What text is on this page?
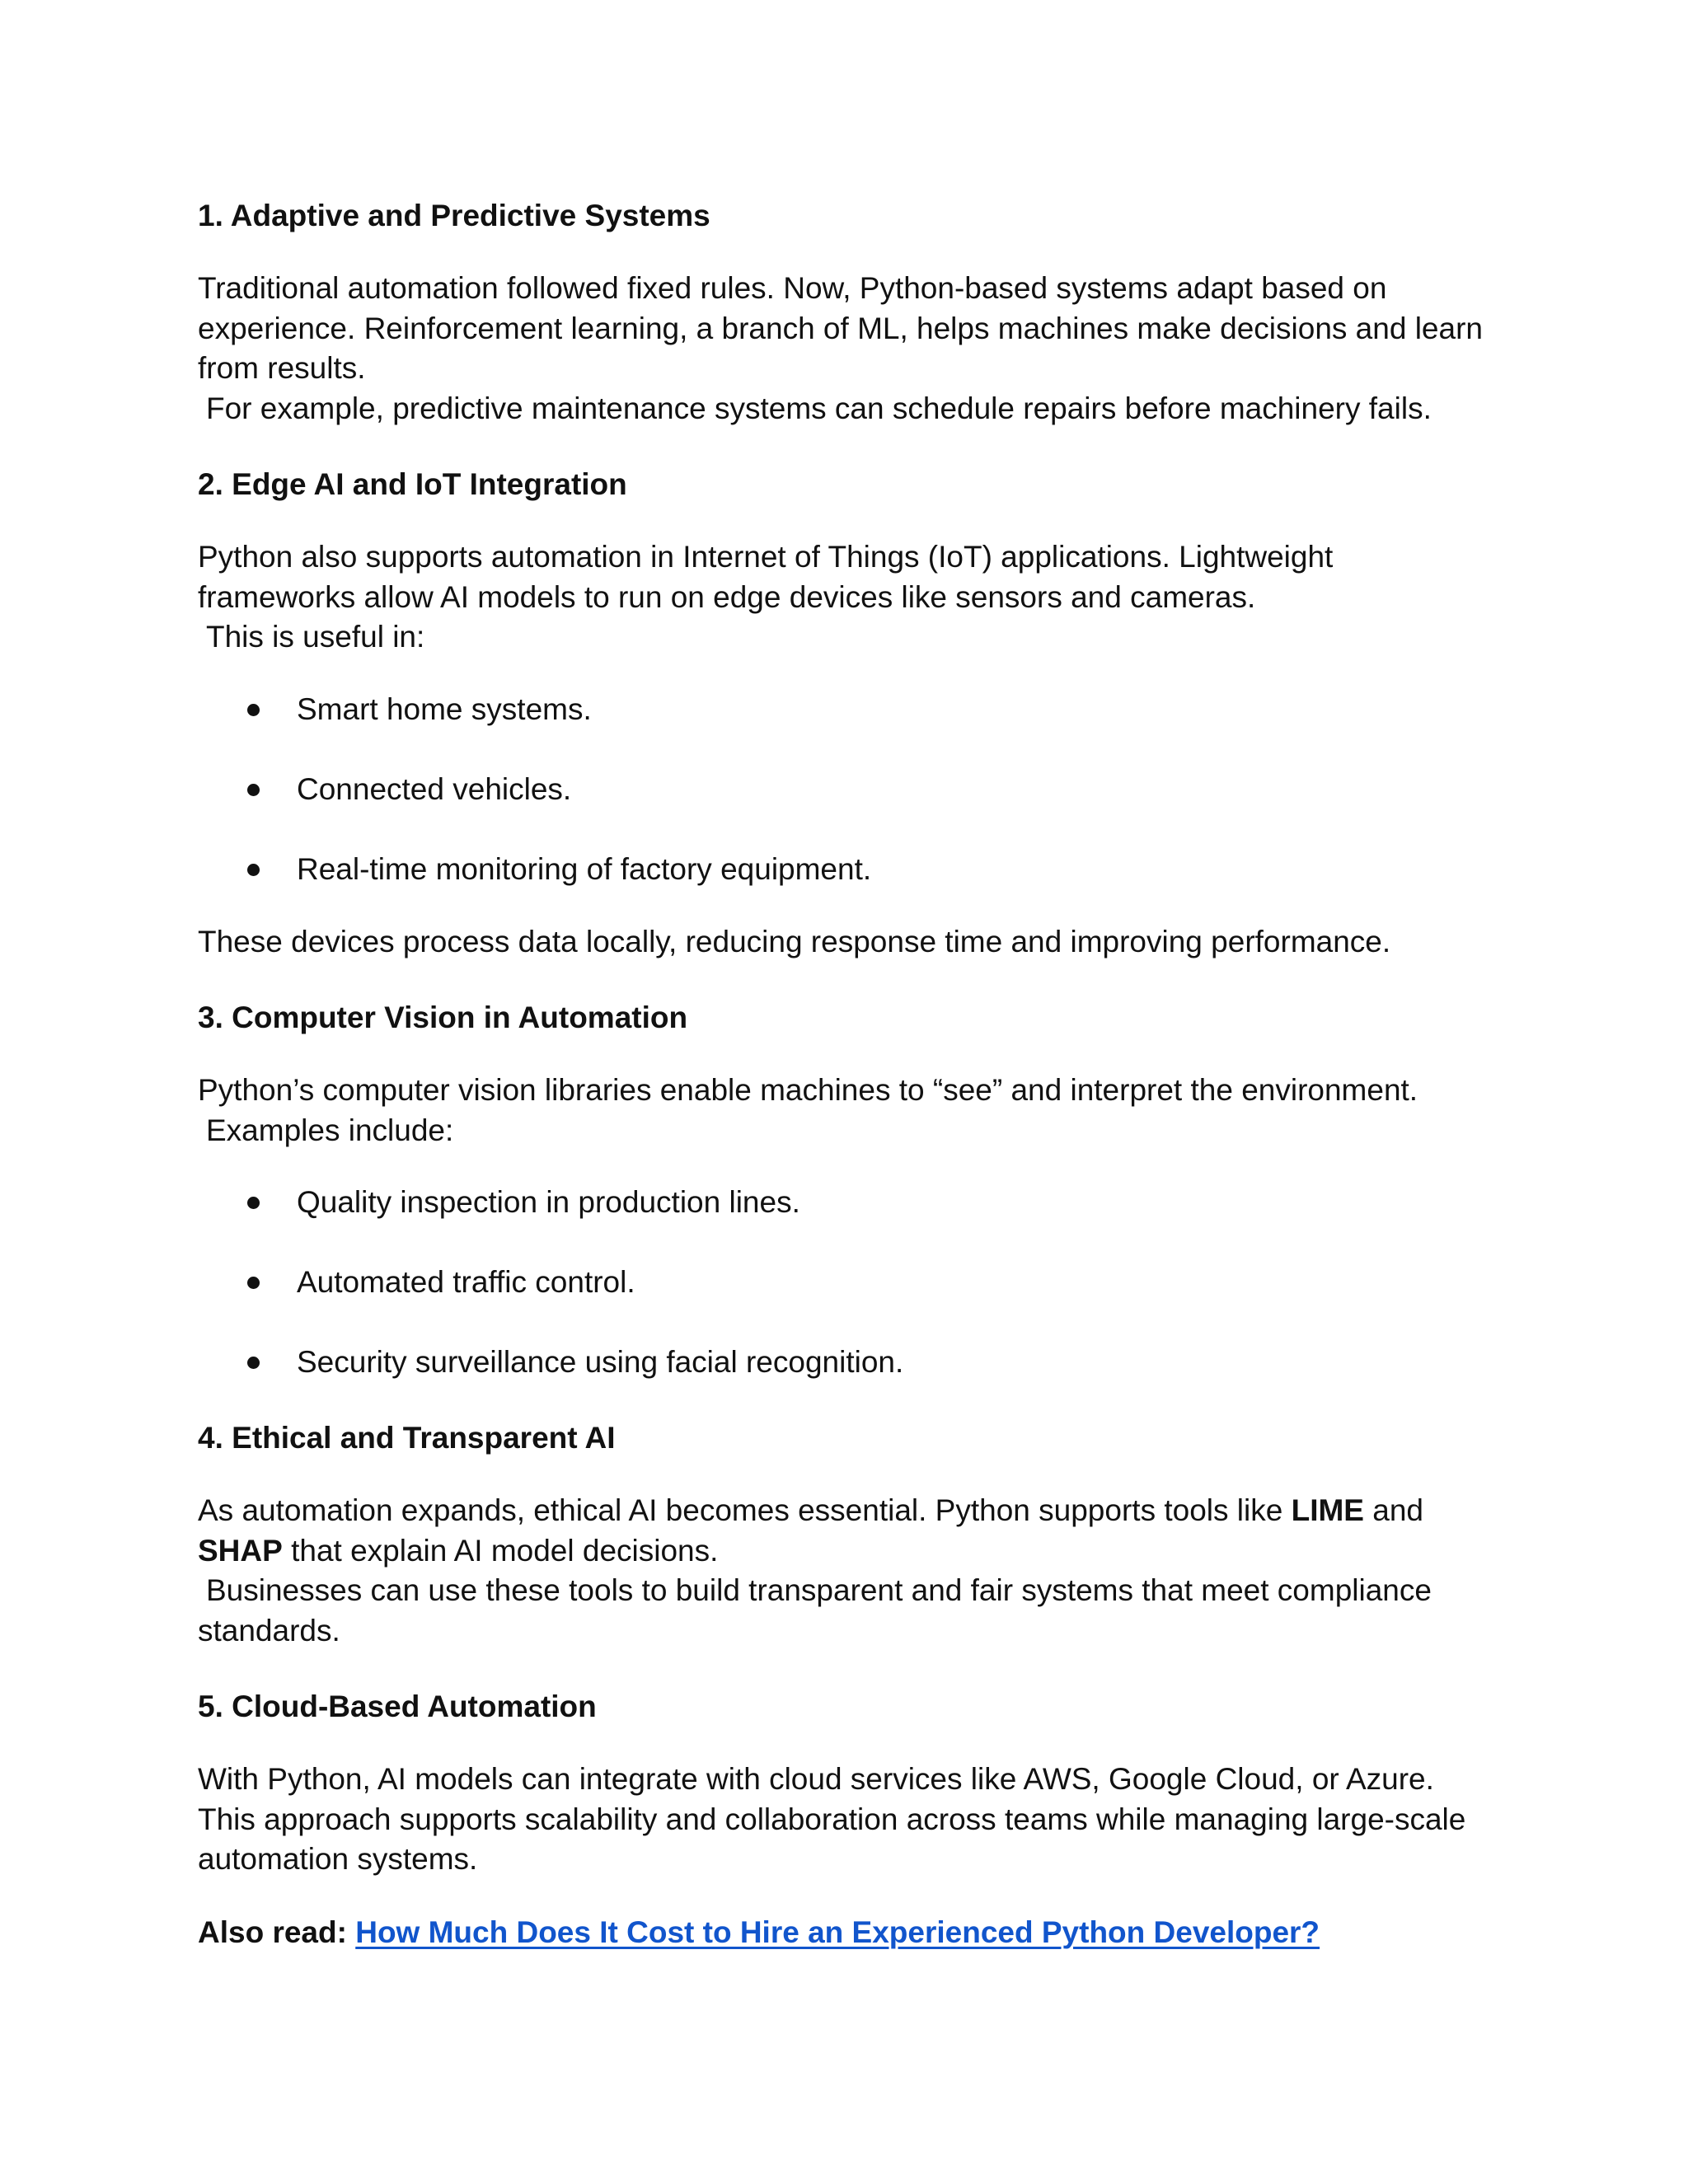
1. Adaptive and Predictive Systems

Traditional automation followed fixed rules. Now, Python-based systems adapt based on
experience. Reinforcement learning, a branch of ML, helps machines make decisions and learn
from results.
For example, predictive maintenance systems can schedule repairs before machinery fails.

2. Edge AI and IoT Integration

Python also supports automation in Internet of Things (IoT) applications. Lightweight
frameworks allow AI models to run on edge devices like sensors and cameras.
This is useful in:

Smart home systems.
Connected vehicles.
Real-time monitoring of factory equipment.

These devices process data locally, reducing response time and improving performance.

3. Computer Vision in Automation

Python’s computer vision libraries enable machines to “see” and interpret the environment.
Examples include:

Quality inspection in production lines.
Automated traffic control.
Security surveillance using facial recognition.
4. Ethical and Transparent AI

As automation expands, ethical AI becomes essential. Python supports tools like LIME and
SHAP that explain AI model decisions.
Businesses can use these tools to build transparent and fair systems that meet compliance
standards.

5. Cloud-Based Automation

With Python, AI models can integrate with cloud services like AWS, Google Cloud, or Azure.
This approach supports scalability and collaboration across teams while managing large-scale
automation systems.

Also read: How Much Does It Cost to Hire an Experienced Python Developer?
